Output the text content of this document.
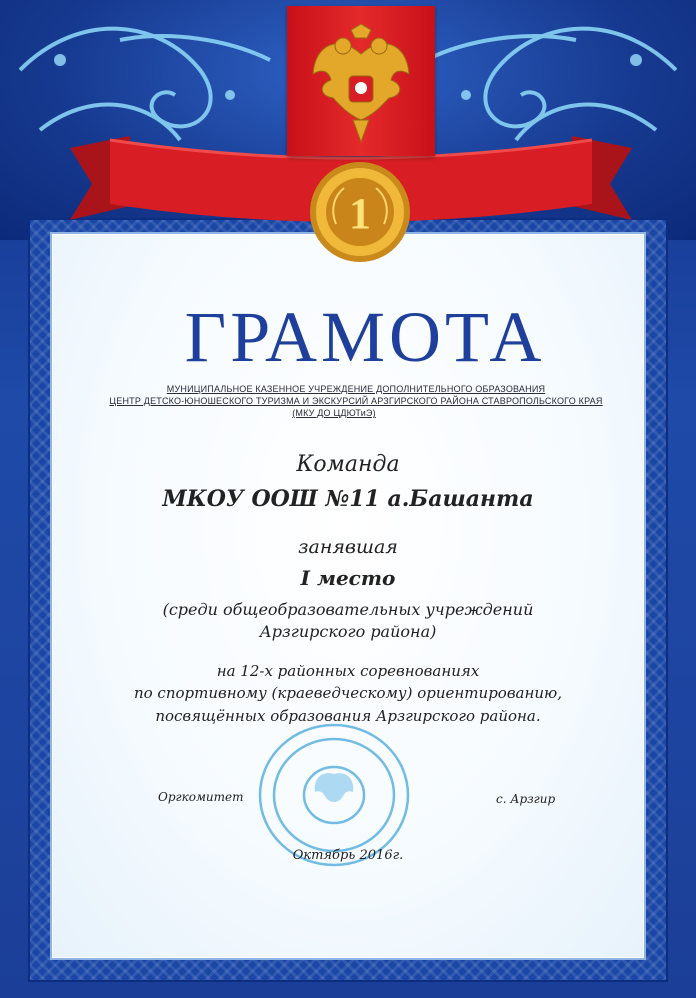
1
ГРАМОТА
МУНИЦИПАЛЬНОЕ КАЗЕННОЕ УЧРЕЖДЕНИЕ ДОПОЛНИТЕЛЬНОГО ОБРАЗОВАНИЯ
ЦЕНТР ДЕТСКО-ЮНОШЕСКОГО ТУРИЗМА И ЭКСКУРСИЙ АРЗГИРСКОГО РАЙОНА СТАВРОПОЛЬСКОГО КРАЯ
(МКУ ДО ЦДЮТиЭ)
Команда
МКОУ ООШ №11 а.Башанта
занявшая
I место
(среди общеобразовательных учреждений
Арзгирского района)
на 12-х районных соревнованиях
по спортивному (краеведческому) ориентированию,
посвящённых образования Арзгирского района.
Оргкомитет	с. Арзгир
Октябрь 2016г.
